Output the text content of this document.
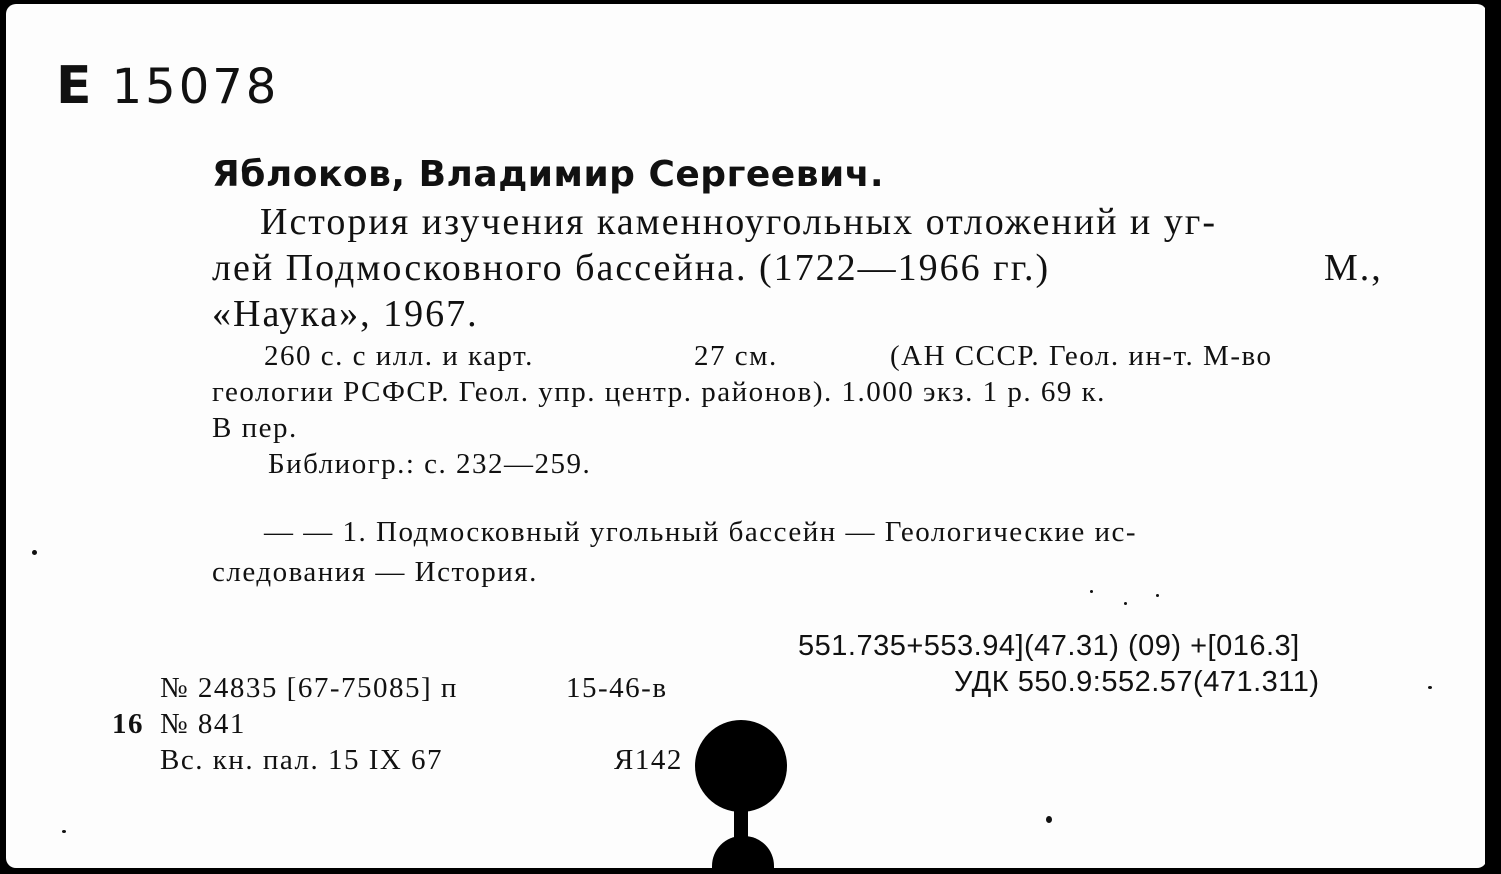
E 15078
Яблоков, Владимир Сергеевич.
История изучения каменноугольных отложений и уг-
лей Подмосковного бассейна. (1722—1966 гг.)	M.,
«Наука», 1967.
260 с. с илл. и карт.	27 см.	(АН СССР. Геол. ин-т. М-во
геологии РСФСР. Геол. упр. центр. районов). 1.000 экз. 1 р. 69 к.
В пер.
Библиогр.: с. 232—259.
— — 1. Подмосковный угольный бассейн — Геологические ис-
следования — История.
551.735+553.94](47.31) (09) +[016.3]
УДК 550.9:552.57(471.311)
№ 24835 [67-75085] п	15-46-в
16 № 841
Вс. кн. пал. 15 IX 67	Я142
